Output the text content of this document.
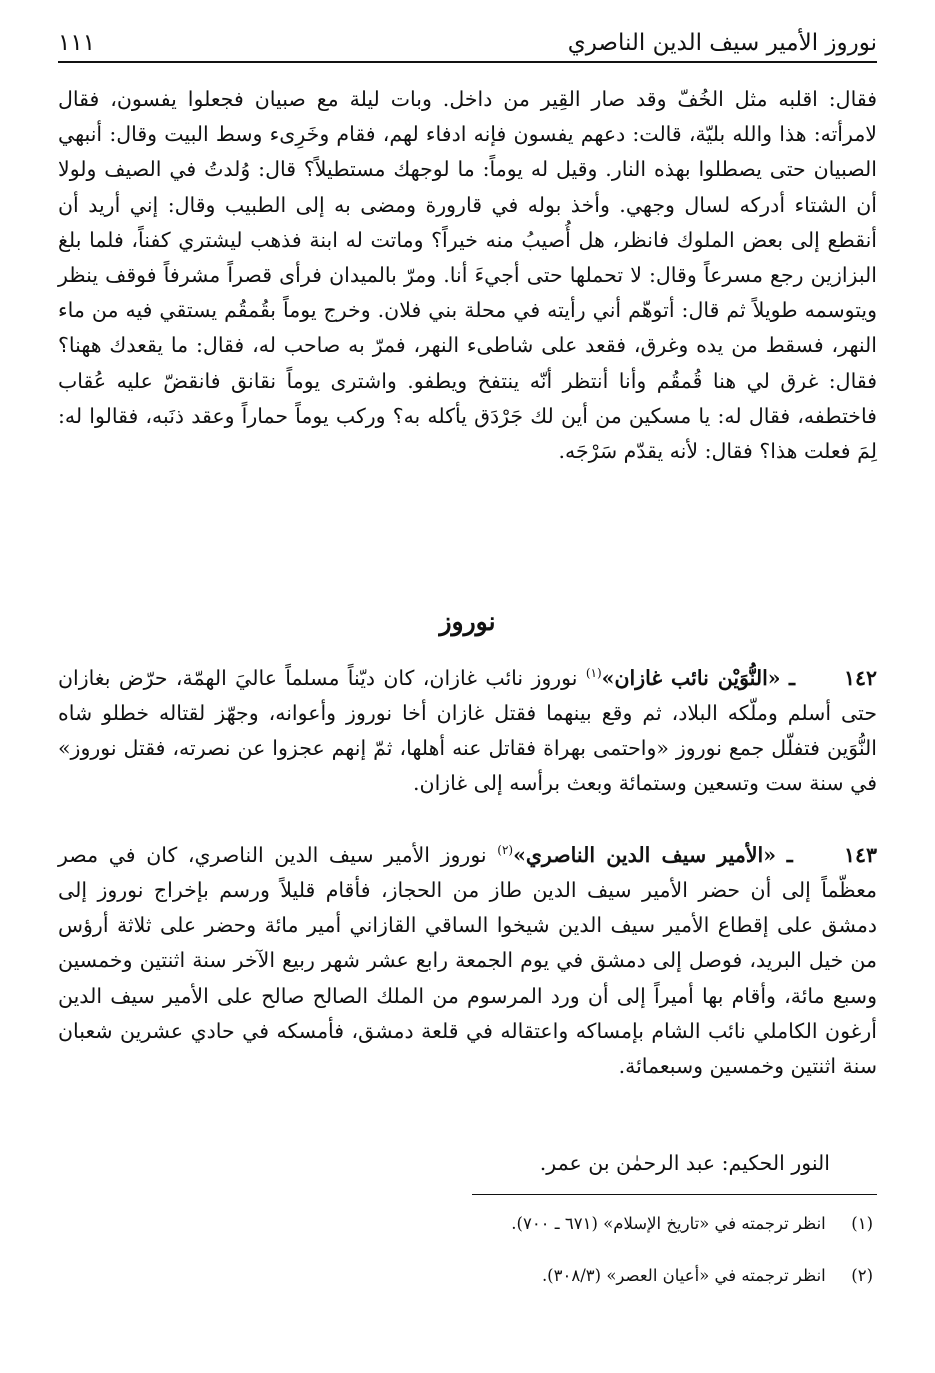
نوروز الأمير سيف الدين الناصري
١١١

فقال: اقلبه مثل الخُفّ وقد صار القِير من داخل. وبات ليلة مع صبيان فجعلوا يفسون، فقال لامرأته: هذا والله بليّة، قالت: دعهم يفسون فإنه ادفاء لهم، فقام وخَرِىء وسط البيت وقال: أنبهي الصبيان حتى يصطلوا بهذه النار. وقيل له يوماً: ما لوجهك مستطيلاً؟ قال: وُلدتُ في الصيف ولولا أن الشتاء أدركه لسال وجهي. وأخذ بوله في قارورة ومضى به إلى الطبيب وقال: إني أريد أن أنقطع إلى بعض الملوك فانظر، هل أُصيبُ منه خيراً؟ وماتت له ابنة فذهب ليشتري كفناً، فلما بلغ البزازين رجع مسرعاً وقال: لا تحملها حتى أجيءَ أنا. ومرّ بالميدان فرأى قصراً مشرفاً فوقف ينظر ويتوسمه طويلاً ثم قال: أتوهّم أني رأيته في محلة بني فلان. وخرج يوماً بقُمقُم يستقي فيه من ماء النهر، فسقط من يده وغرق، فقعد على شاطىء النهر، فمرّ به صاحب له، فقال: ما يقعدك ههنا؟ فقال: غرق لي هنا قُمقُم وأنا أنتظر أنّه ينتفخ ويطفو. واشترى يوماً نقانق فانقضّ عليه عُقاب فاختطفه، فقال له: يا مسكين من أين لك جَرْدَق يأكله به؟ وركب يوماً حماراً وعقد ذنَبه، فقالوا له: لِمَ فعلت هذا؟ فقال: لأنه يقدّم سَرْجَه.

نوروز
١٤٢ ـ «النُّوَيْن نائب غازان»$^{(١)}$ نوروز نائب غازان، كان ديّناً مسلماً عاليَ الهمّة، حرّض بغازان حتى أسلم وملّكه البلاد، ثم وقع بينهما فقتل غازان أخا نوروز وأعوانه، وجهّز لقتاله خطلو شاه النُّوَين فتفلّل جمع نوروز «واحتمى بهراة فقاتل عنه أهلها، ثمّ إنهم عجزوا عن نصرته، فقتل نوروز» في سنة ست وتسعين وستمائة وبعث برأسه إلى غازان.
١٤٣ ـ «الأمير سيف الدين الناصري»$^{(٢)}$ نوروز الأمير سيف الدين الناصري، كان في مصر معظّماً إلى أن حضر الأمير سيف الدين طاز من الحجاز، فأقام قليلاً ورسم بإخراج نوروز إلى دمشق على إقطاع الأمير سيف الدين شيخوا الساقي القازاني أمير مائة وحضر على ثلاثة أرؤس من خيل البريد، فوصل إلى دمشق في يوم الجمعة رابع عشر شهر ربيع الآخر سنة اثنتين وخمسين وسبع مائة، وأقام بها أميراً إلى أن ورد المرسوم من الملك الصالح صالح على الأمير سيف الدين أرغون الكاملي نائب الشام بإمساكه واعتقاله في قلعة دمشق، فأمسكه في حادي عشرين شعبان سنة اثنتين وخمسين وسبعمائة.
النور الحكيم: عبد الرحمٰن بن عمر.
(١) انظر ترجمته في «تاريخ الإسلام» (٦٧١ ـ ٧٠٠).
(٢) انظر ترجمته في «أعيان العصر» (٣٠٨/٣).
